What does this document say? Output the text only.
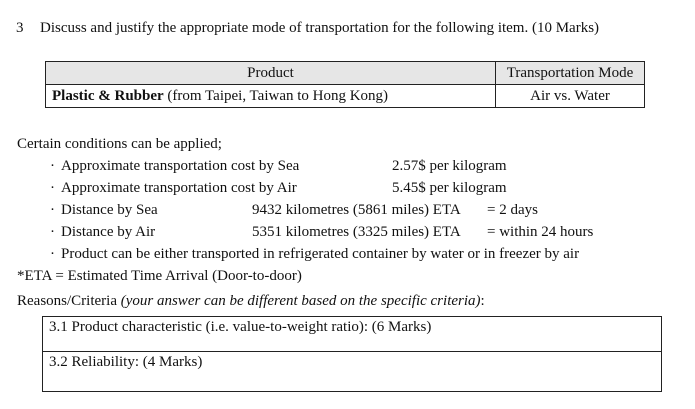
3 Discuss and justify the appropriate mode of transportation for the following item. (10 Marks)
Product	Transportation Mode
Plastic & Rubber (from Taipei, Taiwan to Hong Kong)	Air vs. Water
Certain conditions can be applied;
· Approximate transportation cost by Sea	2.57$ per kilogram
· Approximate transportation cost by Air	5.45$ per kilogram
· Distance by Sea	9432 kilometres (5861 miles) ETA = 2 days
· Distance by Air	5351 kilometres (3325 miles) ETA = within 24 hours
· Product can be either transported in refrigerated container by water or in freezer by air
*ETA = Estimated Time Arrival (Door-to-door)
Reasons/Criteria (your answer can be different based on the specific criteria):
3.1 Product characteristic (i.e. value-to-weight ratio): (6 Marks)
3.2 Reliability: (4 Marks)
